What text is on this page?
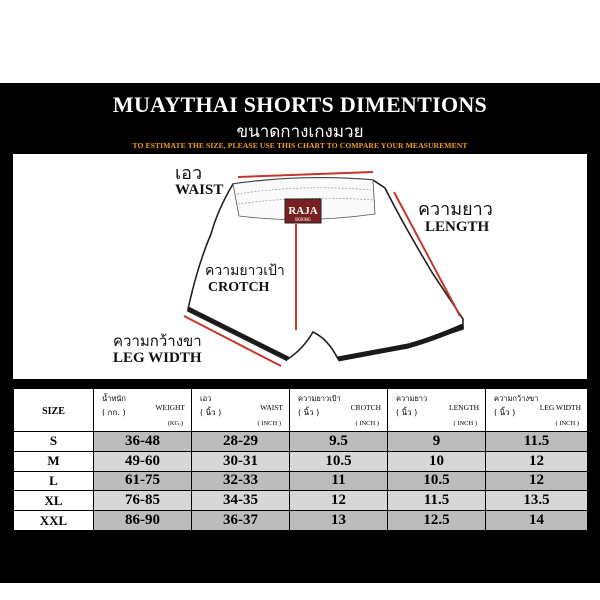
MUAYTHAI SHORTS DIMENTIONS
ขนาดกางเกงมวย
TO ESTIMATE THE SIZE, PLEASE USE THIS CHART TO COMPARE YOUR MEASUREMENT
RAJA
BOXING
เอว
WAIST
ความยาว
LENGTH
ความยาวเป้า
CROTCH
ความกว้างขา
LEG WIDTH
SIZE	น้ำหนัก
( กก. )
WEIGHT
(KG.)	เอว
( นิ้ว )
WAIST
( INCH )	ความยาวเป้า
( นิ้ว )
CROTCH
( INCH )	ความยาว
( นิ้ว )
LENGTH
( INCH )	ความกว้างขา
( นิ้ว )
LEG WIDTH
( INCH )

S	36-48	28-29	9.5	9	11.5
M	49-60	30-31	10.5	10	12
L	61-75	32-33	11	10.5	12
XL	76-85	34-35	12	11.5	13.5
XXL	86-90	36-37	13	12.5	14
